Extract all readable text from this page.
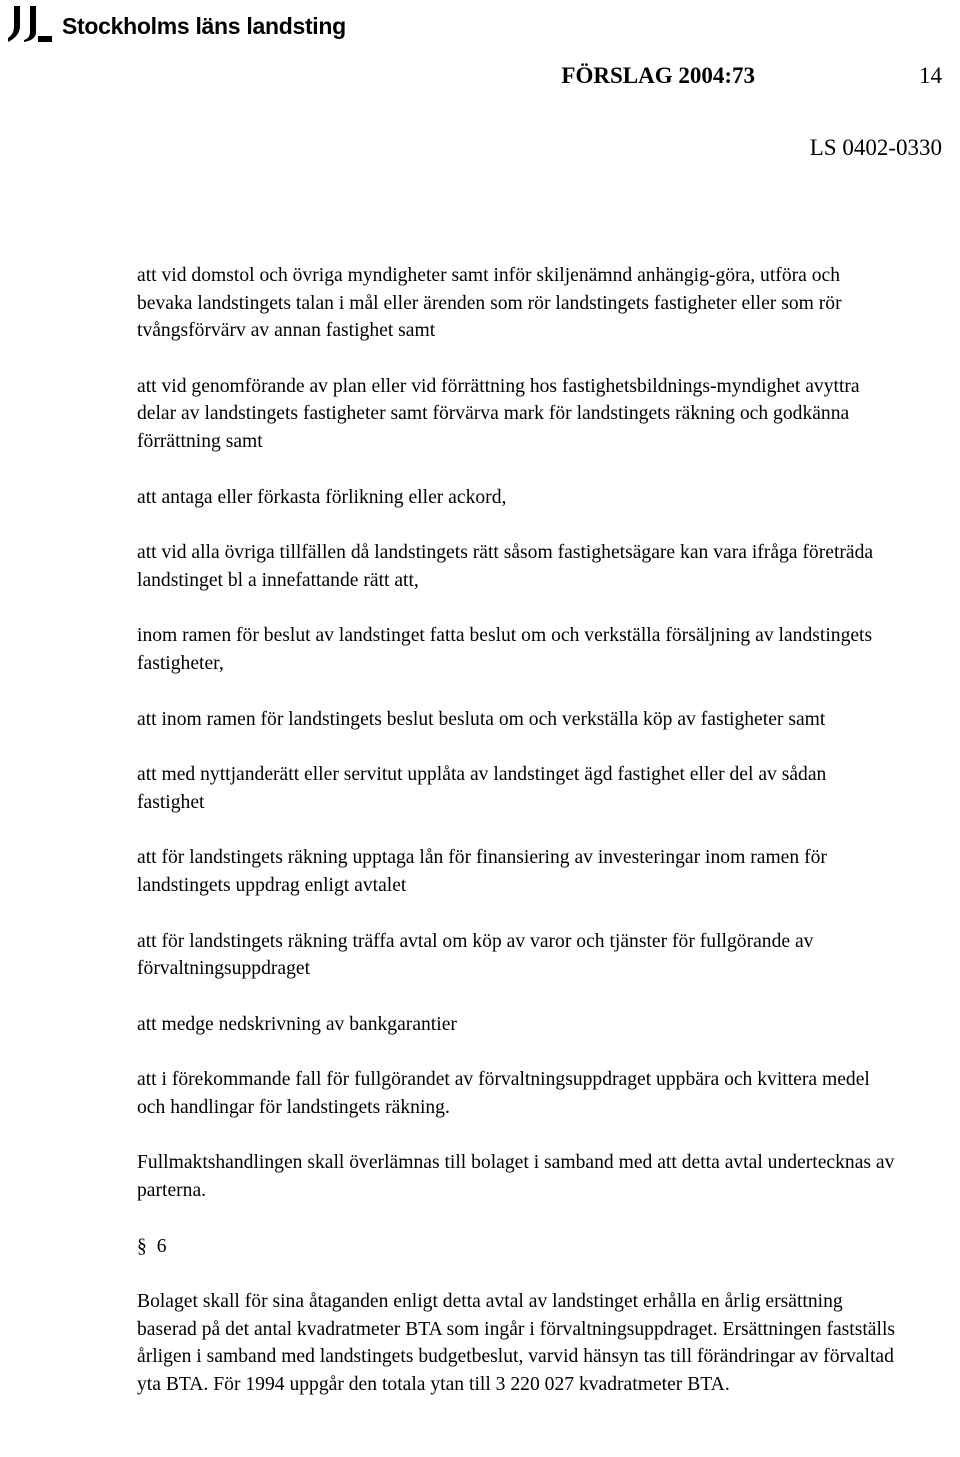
Stockholms läns landsting
FÖRSLAG 2004:73	14
LS 0402-0330

att vid domstol och övriga myndigheter samt inför skiljenämnd anhängig-göra, utföra och bevaka landstingets talan i mål eller ärenden som rör landstingets fastigheter eller som rör tvångsförvärv av annan fastighet samt

att vid genomförande av plan eller vid förrättning hos fastighetsbildnings-myndighet avyttra delar av landstingets fastigheter samt förvärva mark för landstingets räkning och godkänna förrättning samt

att antaga eller förkasta förlikning eller ackord,

att vid alla övriga tillfällen då landstingets rätt såsom fastighetsägare kan vara ifråga företräda landstinget bl a innefattande rätt att,

inom ramen för beslut av landstinget fatta beslut om och verkställa försäljning av landstingets fastigheter,

att inom ramen för landstingets beslut besluta om och verkställa köp av fastigheter samt

att med nyttjanderätt eller servitut upplåta av landstinget ägd fastighet eller del av sådan fastighet

att för landstingets räkning upptaga lån för finansiering av investeringar inom ramen för landstingets uppdrag enligt avtalet

att för landstingets räkning träffa avtal om köp av varor och tjänster för fullgörande av förvaltningsuppdraget

att medge nedskrivning av bankgarantier

att i förekommande fall för fullgörandet av förvaltningsuppdraget uppbära och kvittera medel och handlingar för landstingets räkning.

Fullmaktshandlingen skall överlämnas till bolaget i samband med att detta avtal undertecknas av parterna.

§ 6

Bolaget skall för sina åtaganden enligt detta avtal av landstinget erhålla en årlig ersättning baserad på det antal kvadratmeter BTA som ingår i förvaltningsuppdraget. Ersättningen fastställs årligen i samband med landstingets budgetbeslut, varvid hänsyn tas till förändringar av förvaltad yta BTA. För 1994 uppgår den totala ytan till 3 220 027 kvadratmeter BTA.
